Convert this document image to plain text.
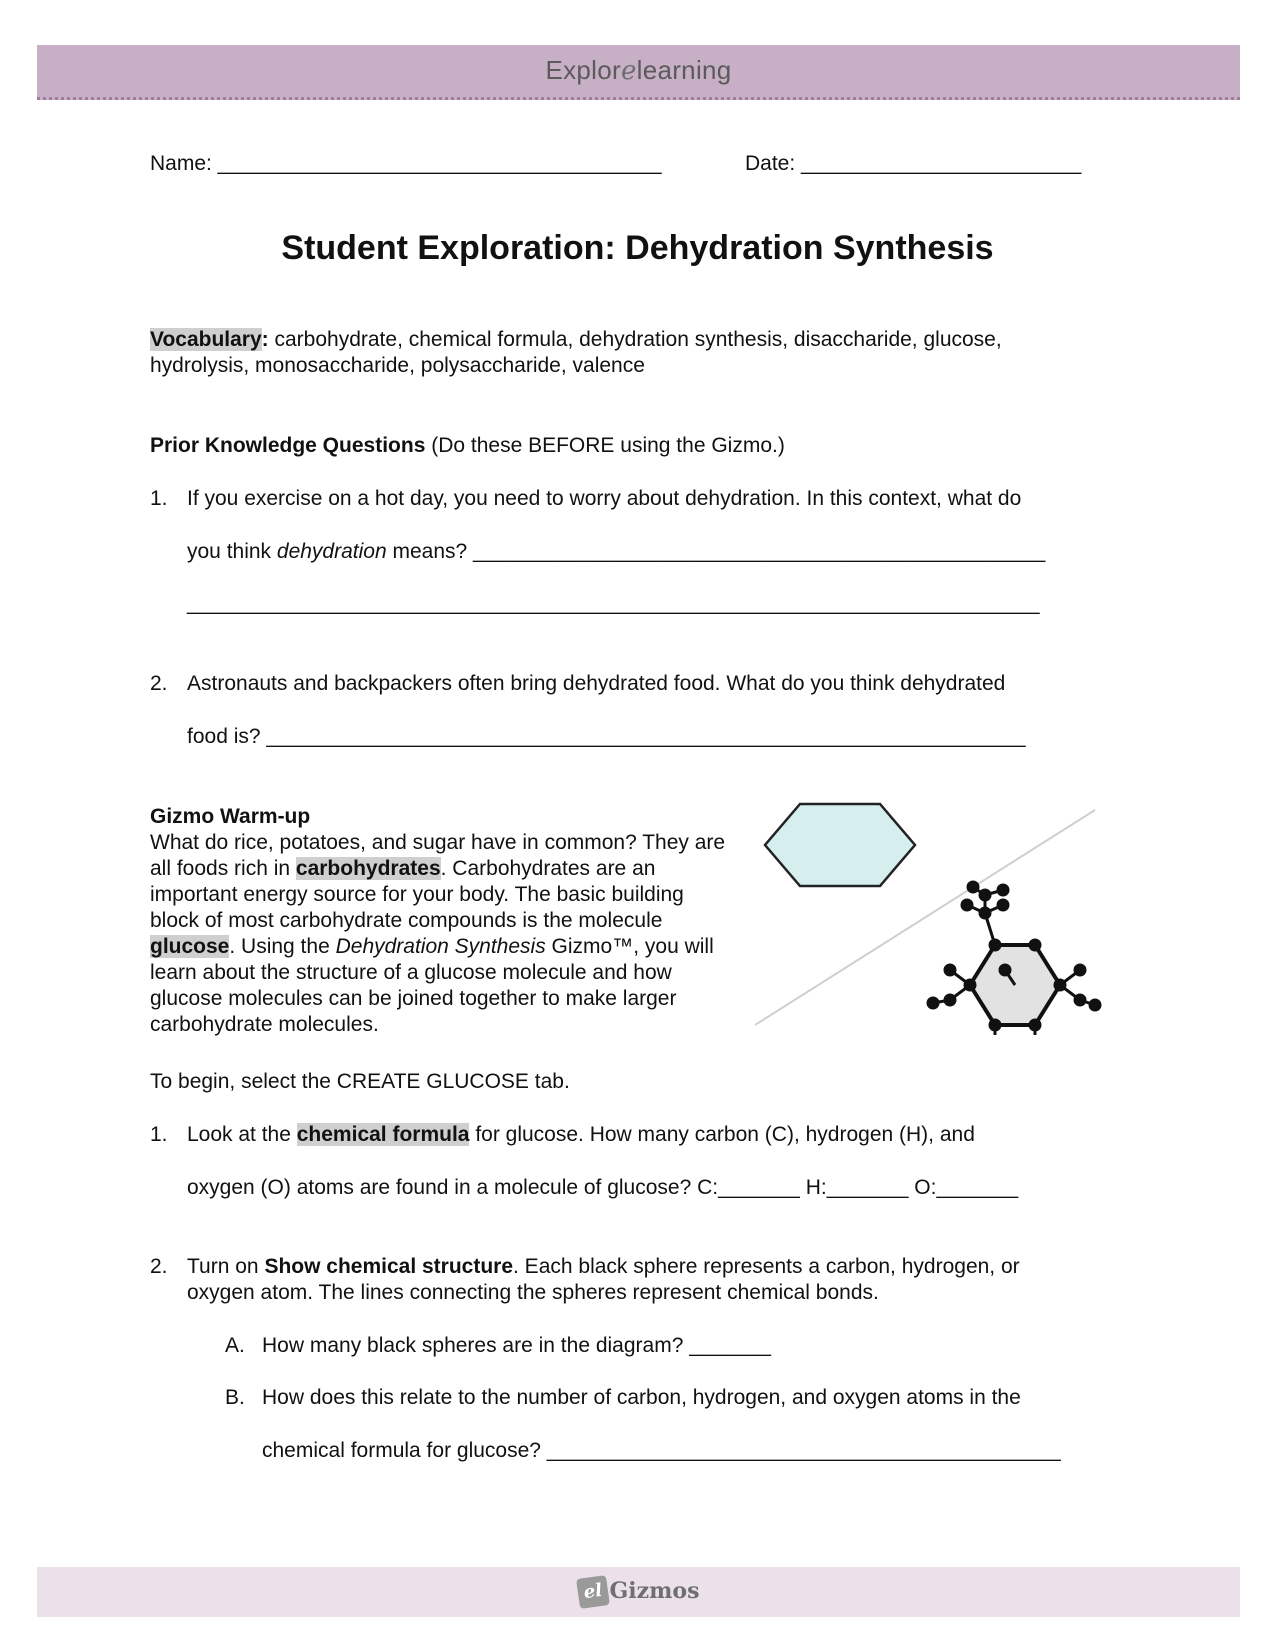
Explorelearning
Name: ______________________________________	Date: ________________________
Student Exploration: Dehydration Synthesis
Vocabulary: carbohydrate, chemical formula, dehydration synthesis, disaccharide, glucose,
hydrolysis, monosaccharide, polysaccharide, valence
Prior Knowledge Questions (Do these BEFORE using the Gizmo.)
1. If you exercise on a hot day, you need to worry about dehydration. In this context, what do
you think dehydration means? _________________________________________________
_________________________________________________________________________
2. Astronauts and backpackers often bring dehydrated food. What do you think dehydrated
food is? _________________________________________________________________
Gizmo Warm-up
What do rice, potatoes, and sugar have in common? They are all foods rich in carbohydrates. Carbohydrates are an important energy source for your body. The basic building block of most carbohydrate compounds is the molecule glucose. Using the Dehydration Synthesis Gizmo™, you will learn about the structure of a glucose molecule and how glucose molecules can be joined together to make larger carbohydrate molecules.
To begin, select the CREATE GLUCOSE tab.
1. Look at the chemical formula for glucose. How many carbon (C), hydrogen (H), and
oxygen (O) atoms are found in a molecule of glucose? C:_______ H:_______ O:_______
2. Turn on Show chemical structure. Each black sphere represents a carbon, hydrogen, or
oxygen atom. The lines connecting the spheres represent chemical bonds.
A. How many black spheres are in the diagram? _______
B. How does this relate to the number of carbon, hydrogen, and oxygen atoms in the
chemical formula for glucose? ____________________________________________
el Gizmos
